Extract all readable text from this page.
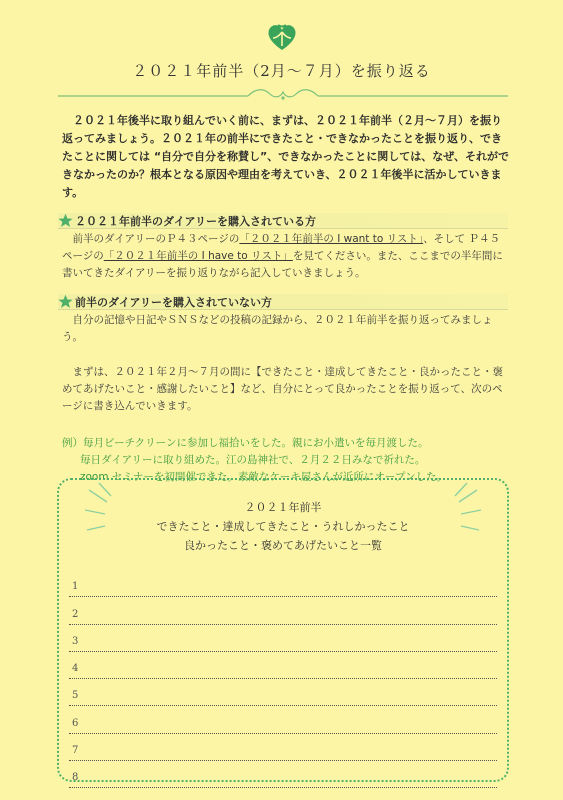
２０２１年前半（2月～７月）を振り返る

２０２１年後半に取り組んでいく前に、まずは、２０２１年前半（２月～７月）を振り返ってみましょう。２０２１年の前半にできたこと・できなかったことを振り返り、できたことに関しては “自分で自分を称賛し”、できなかったことに関しては、なぜ、それができなかったのか？根本となる原因や理由を考えていき、２０２１年後半に活かしていきます。

２０２１年前半のダイアリーを購入されている方

前半のダイアリーのＰ４３ページの「２０２１年前半の I want to リスト」、そして Ｐ４５ページの「２０２１年前半の I have to リスト」を見てください。また、ここまでの半年間に書いてきたダイアリーを振り返りながら記入していきましょう。

前半のダイアリーを購入されていない方

自分の記憶や日記やＳＮＳなどの投稿の記録から、２０２１年前半を振り返ってみましょう。

まずは、２０２１年２月～７月の間に【できたこと・達成してきたこと・良かったこと・褒めてあげたいこと・感謝したいこと】など、自分にとって良かったことを振り返って、次のページに書き込んでいきます。

例）毎月ビーチクリーンに参加し福拾いをした。親にお小遣いを毎月渡した。
毎日ダイアリーに取り組めた。江の島神社で、２月２２日みなで祈れた。
zoom セミナーを初開催できた。素敵なケーキ屋さんが近所にオープンした。
２０２１年前半
できたこと・達成してきたこと・うれしかったこと
良かったこと・褒めてあげたいこと一覧
1
2
3
4
5
6
7
8
